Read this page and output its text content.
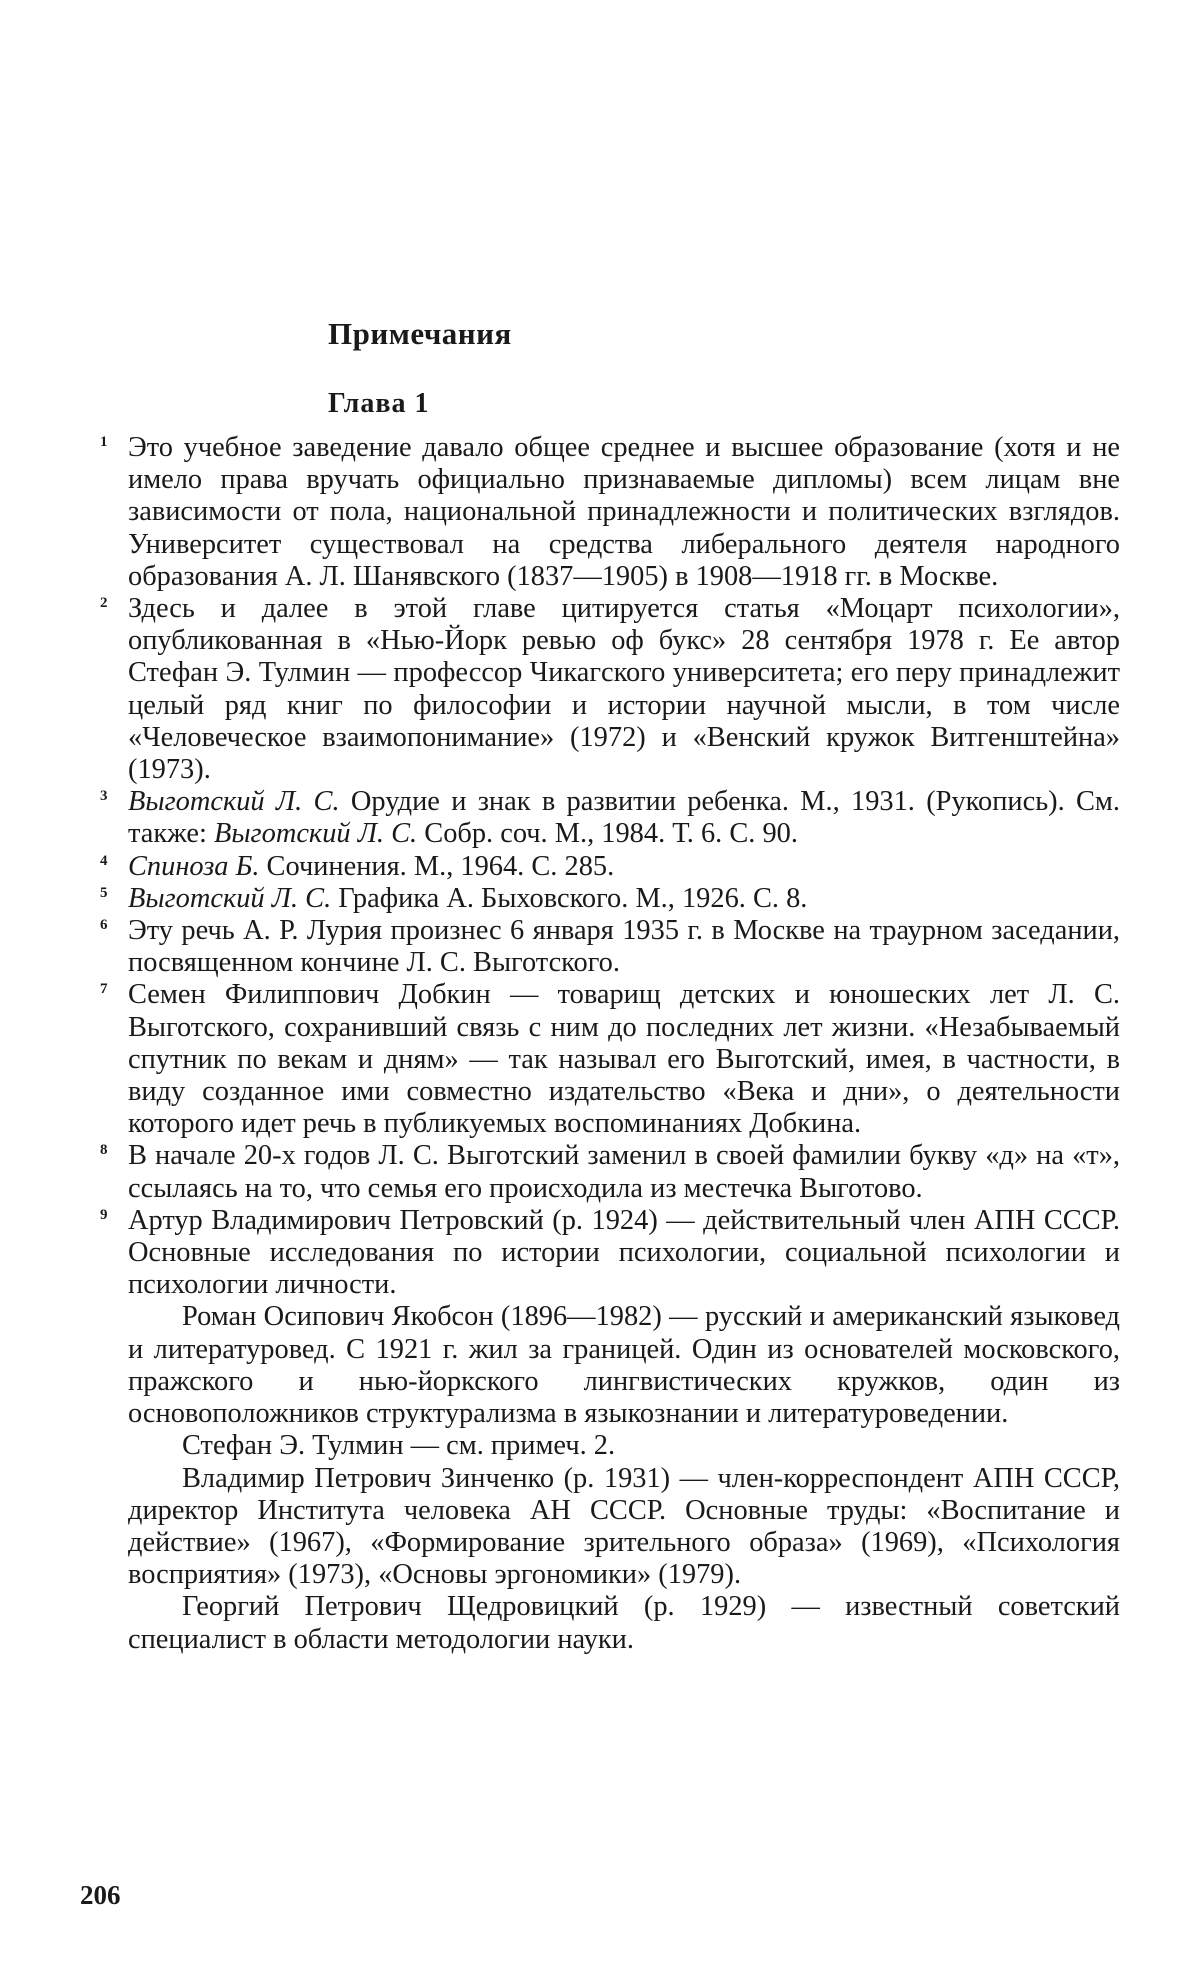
Примечания
Глава 1
1 Это учебное заведение давало общее среднее и высшее образование (хотя и не имело права вручать официально признаваемые дипломы) всем лицам вне зависимости от пола, национальной принадлежности и политических взглядов. Университет существовал на средства либерального деятеля народного образования А. Л. Шанявского (1837—1905) в 1908—1918 гг. в Москве.
2 Здесь и далее в этой главе цитируется статья «Моцарт психологии», опубликованная в «Нью-Йорк ревью оф букс» 28 сентября 1978 г. Ее автор Стефан Э. Тулмин — профессор Чикагского университета; его перу принадлежит целый ряд книг по философии и истории научной мысли, в том числе «Человеческое взаимопонимание» (1972) и «Венский кружок Витгенштейна» (1973).
3 Выготский Л. С. Орудие и знак в развитии ребенка. М., 1931. (Рукопись). См. также: Выготский Л. С. Собр. соч. М., 1984. Т. 6. С. 90.
4 Спиноза Б. Сочинения. М., 1964. С. 285.
5 Выготский Л. С. Графика А. Быховского. М., 1926. С. 8.
6 Эту речь А. Р. Лурия произнес 6 января 1935 г. в Москве на траурном заседании, посвященном кончине Л. С. Выготского.
7 Семен Филиппович Добкин — товарищ детских и юношеских лет Л. С. Выготского, сохранивший связь с ним до последних лет жизни. «Незабываемый спутник по векам и дням» — так называл его Выготский, имея, в частности, в виду созданное ими совместно издательство «Века и дни», о деятельности которого идет речь в публикуемых воспоминаниях Добкина.
8 В начале 20-х годов Л. С. Выготский заменил в своей фамилии букву «д» на «т», ссылаясь на то, что семья его происходила из местечка Выготово.
9 Артур Владимирович Петровский (р. 1924) — действительный член АПН СССР. Основные исследования по истории психологии, социальной психологии и психологии личности.
Роман Осипович Якобсон (1896—1982) — русский и американский языковед и литературовед. С 1921 г. жил за границей. Один из основателей московского, пражского и нью-йоркского лингвистических кружков, один из основоположников структурализма в языкознании и литературоведении.
Стефан Э. Тулмин — см. примеч. 2.
Владимир Петрович Зинченко (р. 1931) — член-корреспондент АПН СССР, директор Института человека АН СССР. Основные труды: «Воспитание и действие» (1967), «Формирование зрительного образа» (1969), «Психология восприятия» (1973), «Основы эргономики» (1979).
Георгий Петрович Щедровицкий (р. 1929) — известный советский специалист в области методологии науки.
206
